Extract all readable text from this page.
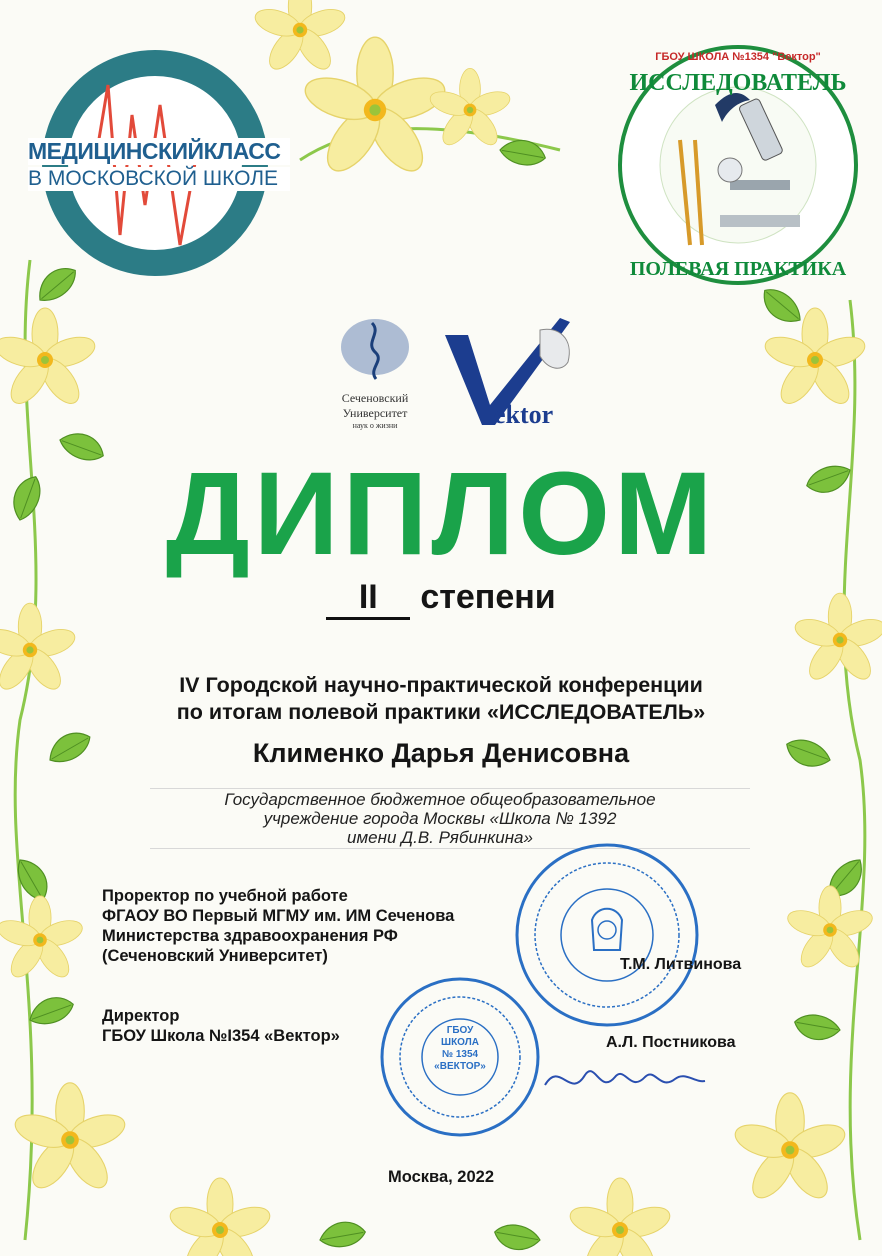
МЕДИЦИНСКИЙКЛАСС
В МОСКОВСКОЙ ШКОЛЕ
ГБОУ ШКОЛА №1354 "Вектор"
ИССЛЕДОВАТЕЛЬ
ПОЛЕВАЯ ПРАКТИКА
Сеченовский
Университет
наук о жизни	ektor
ДИПЛОМ
II степени
IV Городской научно-практической конференции
по итогам полевой практики «ИССЛЕДОВАТЕЛЬ»
Клименко Дарья Денисовна
Государственное бюджетное общеобразовательное
учреждение города Москвы «Школа № 1392
имени Д.В. Рябинкина»
ГБОУ
ШКОЛА
№ 1354
«ВЕКТОР»
Проректор по учебной работе
ФГАОУ ВО Первый МГМУ им. ИМ Сеченова
Министерства здравоохранения РФ
(Сеченовский Университет)	Т.М. Литвинова
Директор
ГБОУ Школа №I354 «Вектор»	А.Л. Постникова
Москва, 2022
